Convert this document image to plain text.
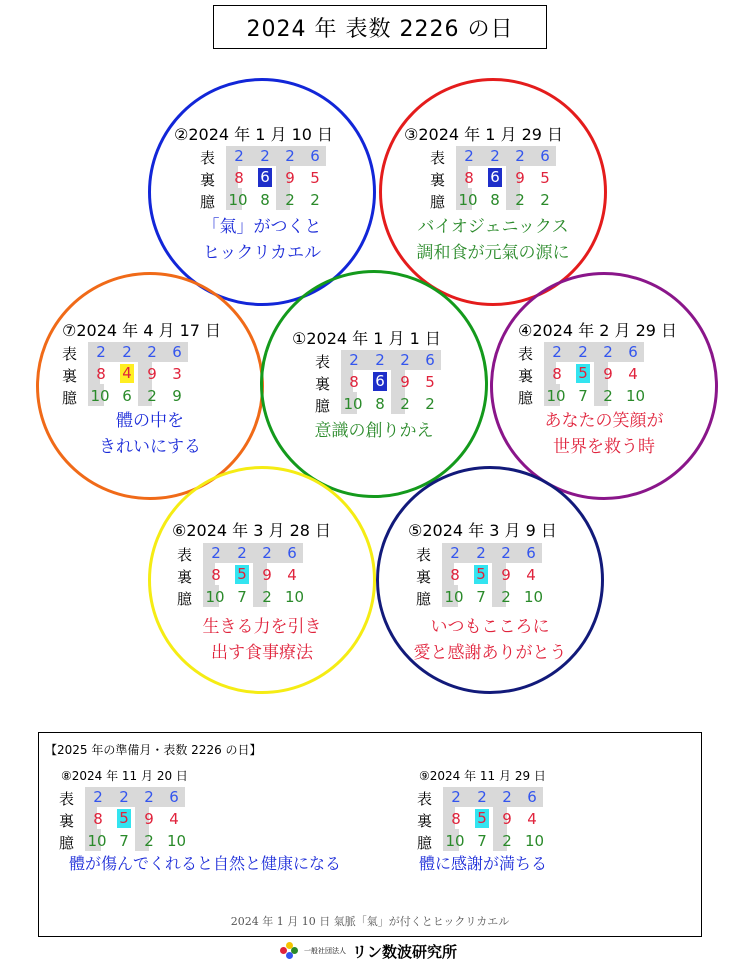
2024 年 表数 2226 の日
②2024 年 1 月 10 日
表	2 2 2 6
裏	8 6 9 5
臆 10 8 2 2
「氣」がつくと
ヒックリカエル
③2024 年 1 月 29 日
表	2 2 2 6
裏	8 6 9 5
臆 10 8 2 2
バイオジェニックス
調和食が元氣の源に
⑦2024 年 4 月 17 日
表	2 2 2 6
裏	8 4 9 3
臆 10 6 2 9
體の中を
きれいにする
①2024 年 1 月 1 日
表	2 2 2 6
裏	8 6 9 5
臆 10 8 2 2
意識の創りかえ
④2024 年 2 月 29 日
表	2 2 2 6
裏	8 5 9 4
臆 10 7 2 10
あなたの笑顔が
世界を救う時
⑥2024 年 3 月 28 日
表	2 2 2 6
裏	8 5 9 4
臆 10 7 2 10
生きる力を引き
出す食事療法
⑤2024 年 3 月 9 日
表	2 2 2 6
裏	8 5 9 4
臆 10 7 2 10
いつもこころに
愛と感謝ありがとう
【2025 年の準備月・表数 2226 の日】
⑧2024 年 11 月 20 日
表	2 2 2 6
裏	8 5 9 4
臆 10 7 2 10
體が傷んでくれると自然と健康になる
⑨2024 年 11 月 29 日
表	2 2 2 6
裏	8 5 9 4
臆 10 7 2 10
體に感謝が満ちる
2024 年 1 月 10 日 氣脈「氣」が付くとヒックリカエル
一般社団法人 リン数波研究所
